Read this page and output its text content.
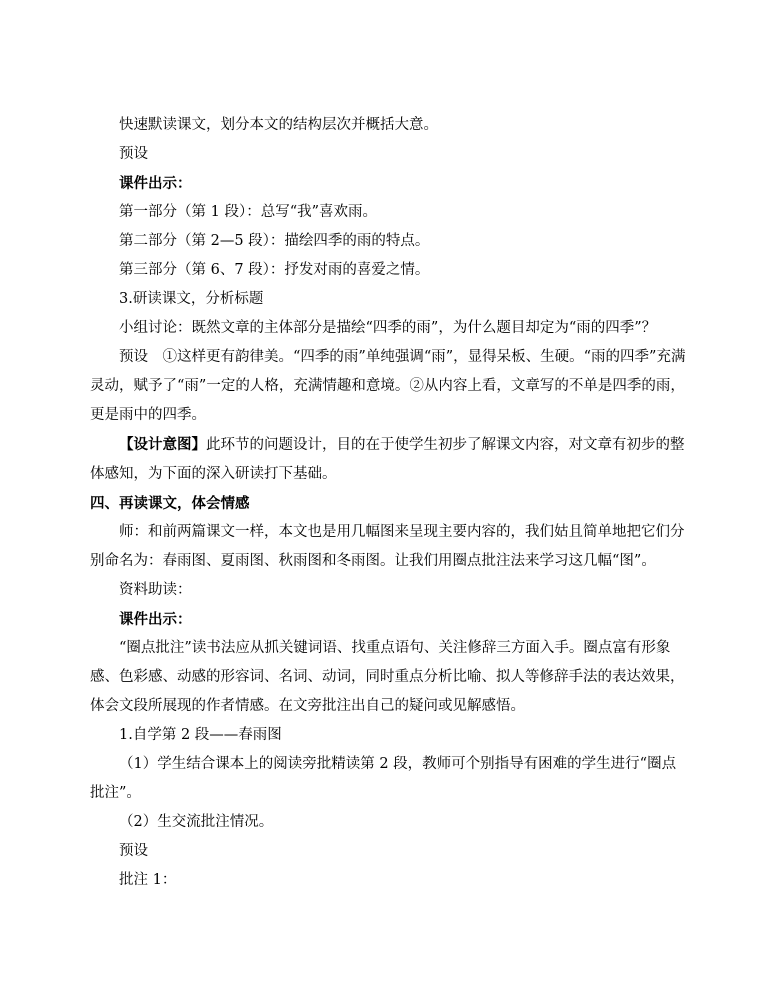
快速默读课文，划分本文的结构层次并概括大意。

预设

课件出示：

第一部分（第 1 段）：总写“我”喜欢雨。

第二部分（第 2—5 段）：描绘四季的雨的特点。

第三部分（第 6、7 段）：抒发对雨的喜爱之情。

3.研读课文，分析标题

小组讨论：既然文章的主体部分是描绘“四季的雨”，为什么题目却定为“雨的四季”？

预设　①这样更有韵律美。“四季的雨”单纯强调“雨”，显得呆板、生硬。“雨的四季”充满灵动，赋予了“雨”一定的人格，充满情趣和意境。②从内容上看，文章写的不单是四季的雨，更是雨中的四季。

【设计意图】此环节的问题设计，目的在于使学生初步了解课文内容，对文章有初步的整体感知，为下面的深入研读打下基础。

四、再读课文，体会情感

师：和前两篇课文一样，本文也是用几幅图来呈现主要内容的，我们姑且简单地把它们分别命名为：春雨图、夏雨图、秋雨图和冬雨图。让我们用圈点批注法来学习这几幅“图”。

资料助读：

课件出示：

“圈点批注”读书法应从抓关键词语、找重点语句、关注修辞三方面入手。圈点富有形象感、色彩感、动感的形容词、名词、动词，同时重点分析比喻、拟人等修辞手法的表达效果，体会文段所展现的作者情感。在文旁批注出自己的疑问或见解感悟。

1.自学第 2 段——春雨图

（1）学生结合课本上的阅读旁批精读第 2 段，教师可个别指导有困难的学生进行“圈点批注”。

（2）生交流批注情况。

预设

批注 1：
